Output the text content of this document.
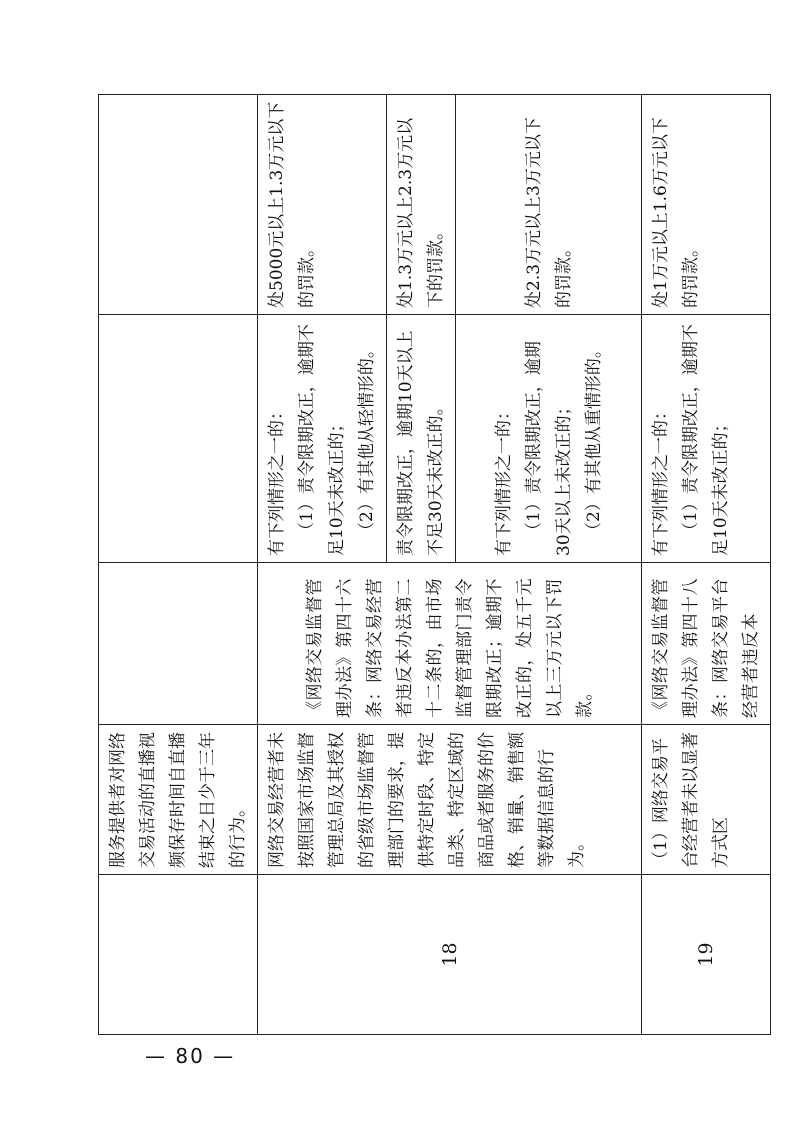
	服务提供者对网络交易活动的直播视频保存时间自直播结束之日少于三年的行为。			
18	网络交易经营者未按照国家市场监督管理总局及其授权的省级市场监督管理部门的要求，提供特定时段、特定品类、特定区域的商品或者服务的价格、销量、销售额等数据信息的行为。	《网络交易监督管理办法》第四十六条：网络交易经营者违反本办法第二十二条的，由市场监督管理部门责令限期改正；逾期不改正的，处五千元以上三万元以下罚款。	有下列情形之一的： （1）责令限期改正，逾期不足10天未改正的； （2）有其他从轻情形的。	处5000元以上1.3万元以下的罚款。
			责令限期改正，逾期10天以上不足30天未改正的。	处1.3万元以上2.3万元以下的罚款。

			有下列情形之一的： （1）责令限期改正，逾期30天以上未改正的； （2）有其他从重情形的。	处2.3万元以上3万元以下的罚款。
19	（1）网络交易平台经营者未以显著方式区	《网络交易监督管理办法》第四十八条：网络交易平台经营者违反本	有下列情形之一的： （1）责令限期改正，逾期不足10天未改正的；	处1万元以上1.6万元以下的罚款。
— 80 —
